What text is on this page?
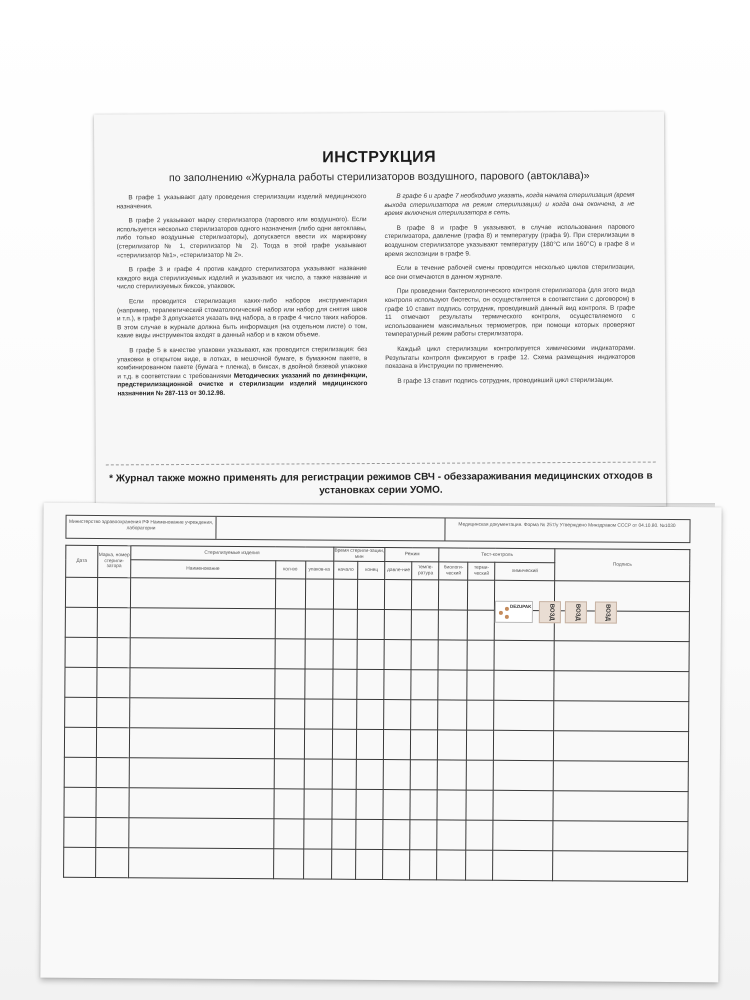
ИНСТРУКЦИЯ
по заполнению «Журнала работы стерилизаторов воздушного, парового (автоклава)»

В графе 1 указывают дату проведения стерилизации изделий медицинского назначения.

В графе 2 указывают марку стерилизатора (парового или воздушного). Если используется несколько стерилизаторов одного назначения (либо одни автоклавы, либо только воздушные стерилизаторы), допускается ввести их маркировку (стерилизатор № 1, стерилизатор № 2). Тогда в этой графе указывают «стерилизатор №1», «стерилизатор № 2».

В графе 3 и графе 4 против каждого стерилизатора указывают название каждого вида стерилизуемых изделий и указывают их число, а также название и число стерилизуемых биксов, упаковок.

Если проводится стерилизация каких-либо наборов инструментария (например, терапевтический стоматологический набор или набор для снятия швов и т.п.), в графе 3 допускается указать вид набора, а в графе 4 число таких наборов. В этом случае в журнале должна быть информация (на отдельном листе) о том, какие виды инструментов входят в данный набор и в каком объеме.

В графе 5 в качестве упаковки указывают, как проводится стерилизация: без упаковки в открытом виде, в лотках, в мешочной бумаге, в бумажном пакете, в комбинированном пакете (бумага + пленка), в биксах, в двойной бязевой упаковке и т.д. в соответствии с требованиями Методических указаний по дезинфекции, предстерилизационной очистке и стерилизации изделий медицинского назначения № 287-113 от 30.12.98.

В графе 6 и графе 7 необходимо указать, когда начата стерилизация (время выхода стерилизатора на режим стерилизации) и когда она окончена, а не время включения стерилизатора в сеть.

В графе 8 и графе 9 указывают, в случае использования парового стерилизатора, давление (графа 8) и температуру (графа 9). При стерилизации в воздушном стерилизаторе указывают температуру (180°С или 160°С) в графе 8 и время экспозиции в графе 9.

Если в течение рабочей смены проводится несколько циклов стерилизации, все они отмечаются в данном журнале.

При проведении бактериологического контроля стерилизатора (для этого вида контроля используют биотесты, он осуществляется в соответствии с договором) в графе 10 ставит подпись сотрудник, проводивший данный вид контроля. В графе 11 отмечают результаты термического контроля, осуществляемого с использованием максимальных термометров, при помощи которых проверяют температурный режим работы стерилизатора.

Каждый цикл стерилизации контролируется химическими индикаторами. Результаты контроля фиксируют в графе 12. Схема размещения индикаторов показана в Инструкции по применению.

В графе 13 ставит подпись сотрудник, проводивший цикл стерилизации.

* Журнал также можно применять для регистрации режимов СВЧ - обеззараживания медицинских отходов в установках серии УОМО.
Министерство здравоохранения РФ Наименование учреждения, лаборатории	Медицинская документация. Форма № 257/у Утверждено Минздравом СССР от 04.10.80. №1030
Дата	Марка, номер стерили-затора	Стерилизуемые изделия			Время стерили-зации, мин		Режим		Тест-контроль			Подпись
		Наименование	кол-во	упаков-ка	начало	конец	давле-ние	темпе-ратура	биологи-ческий	терми-ческий	химический	

DEZUPAK	ВОЗД	ВОЗД	ВОЗД
